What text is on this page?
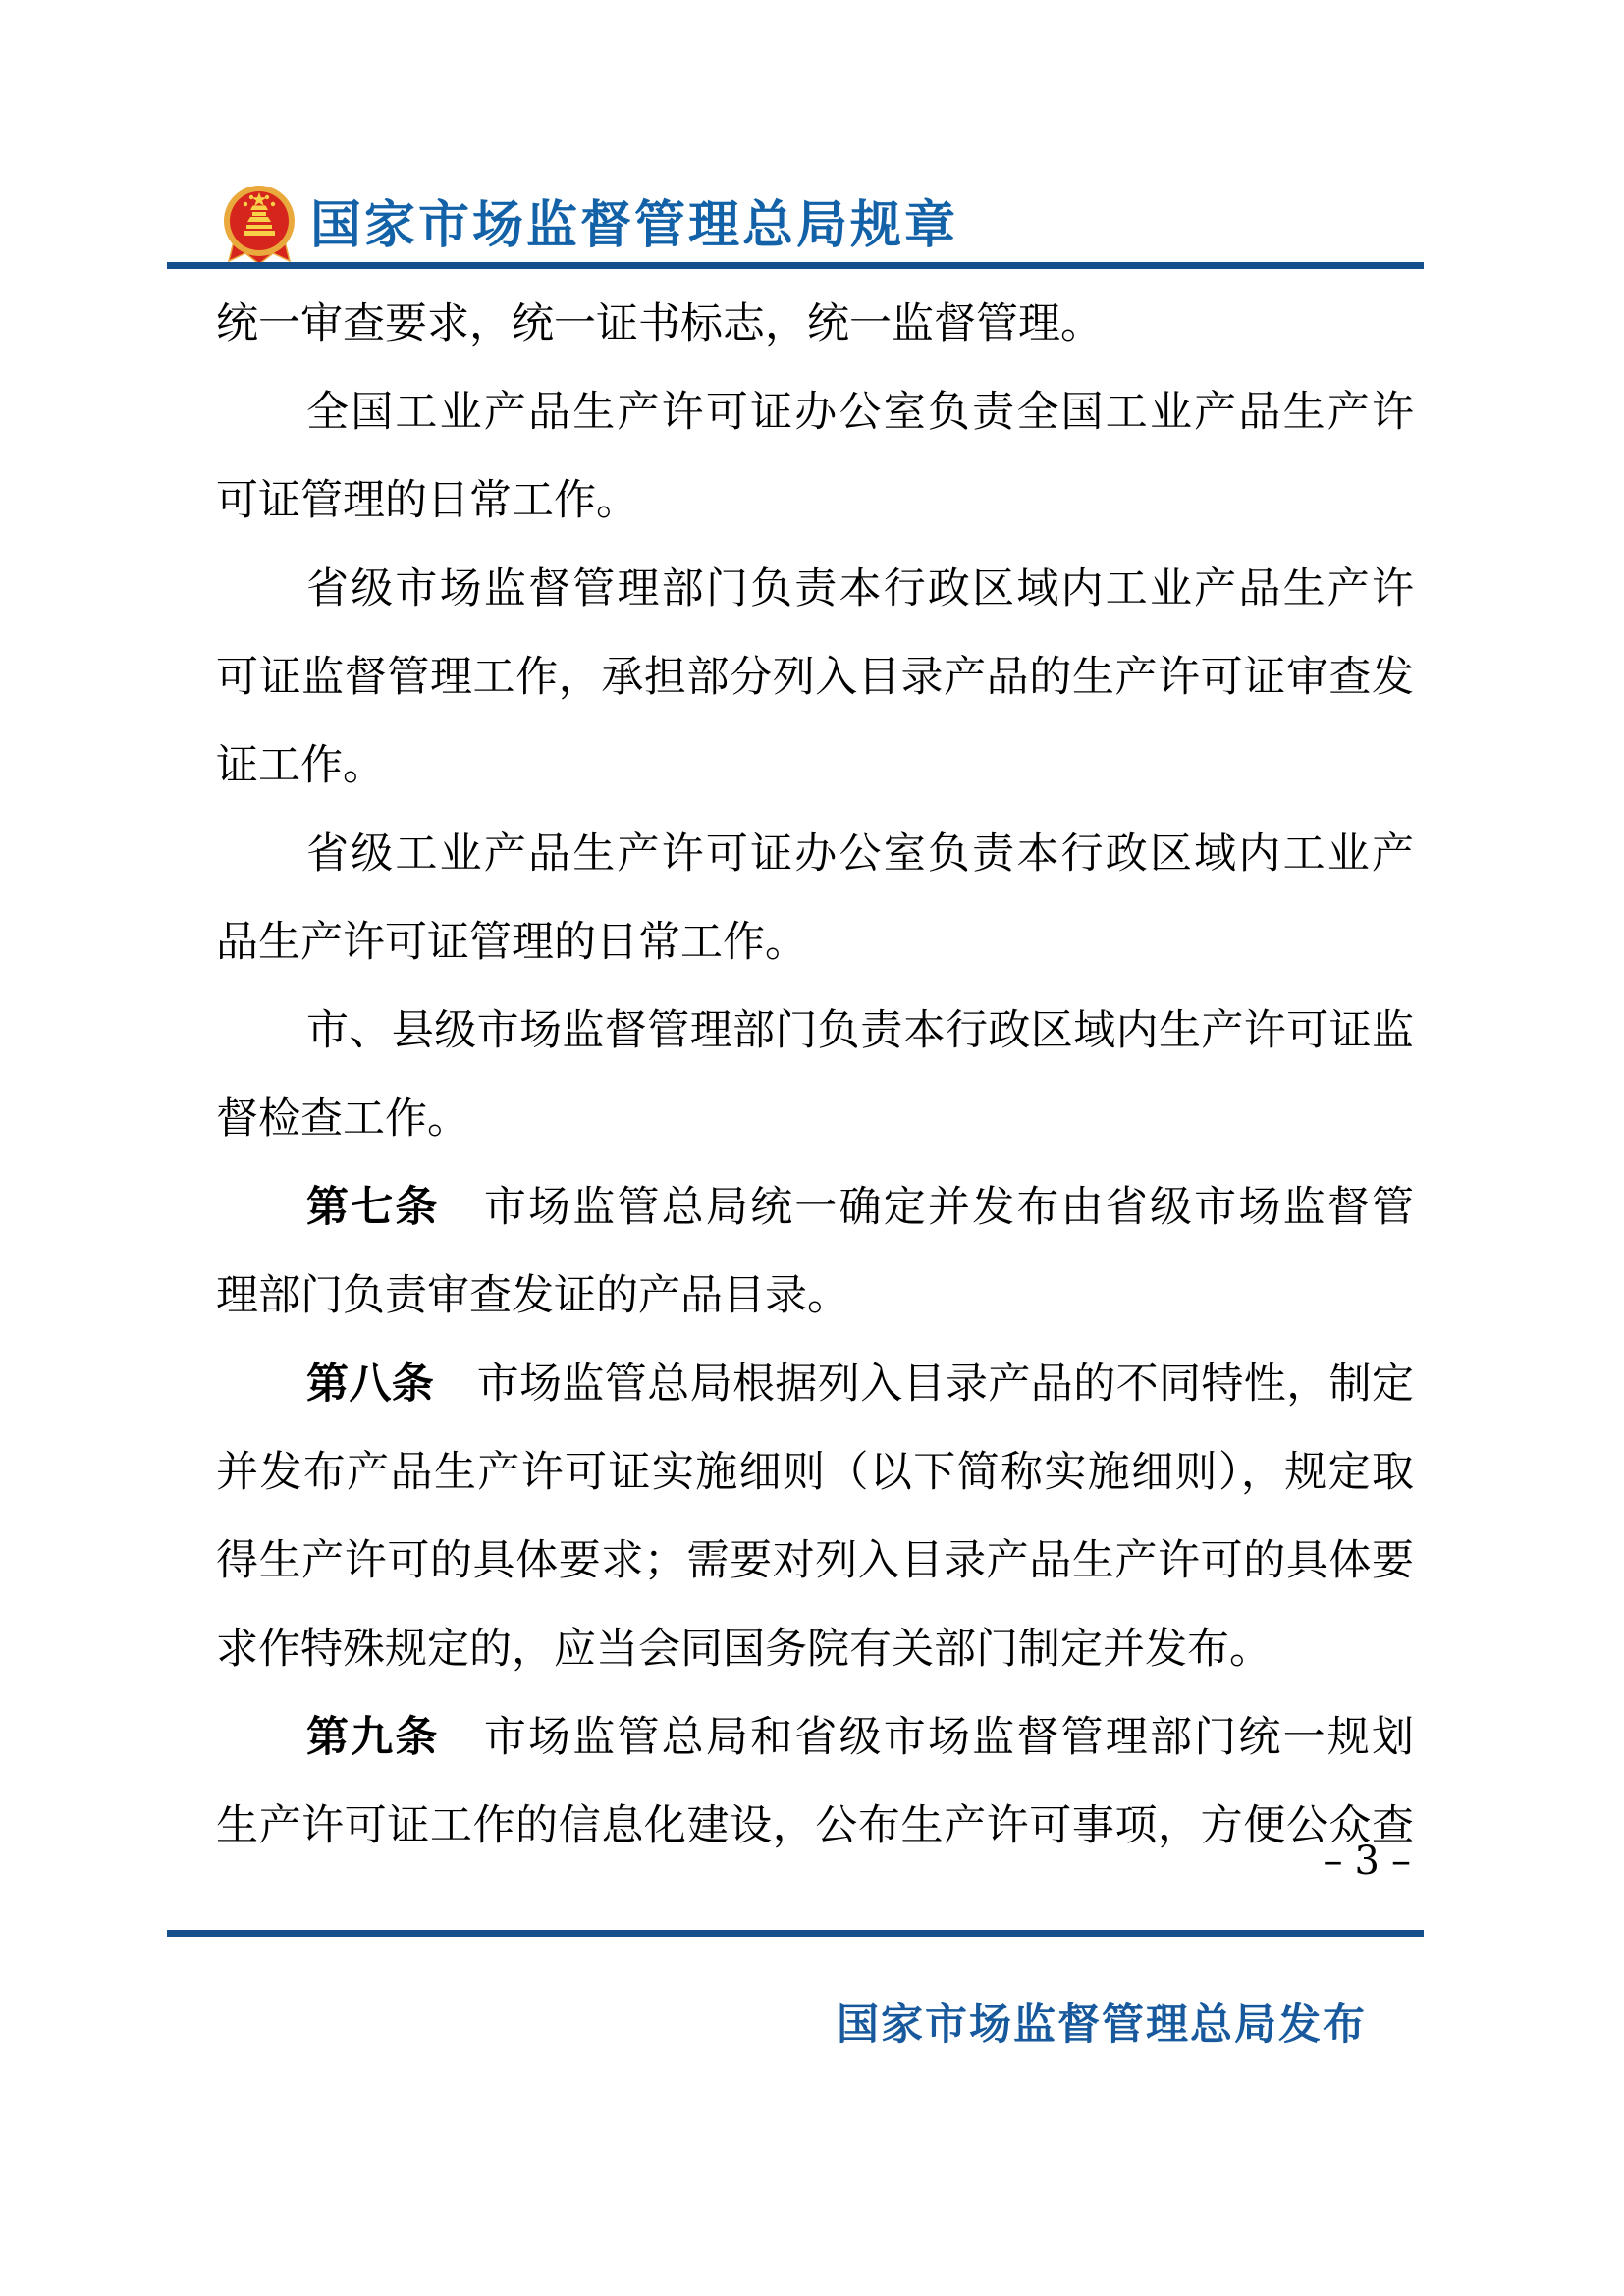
国家市场监督管理总局规章
统一审查要求，统一证书标志，统一监督管理。
全国工业产品生产许可证办公室负责全国工业产品生产许
可证管理的日常工作。
省级市场监督管理部门负责本行政区域内工业产品生产许
可证监督管理工作，承担部分列入目录产品的生产许可证审查发
证工作。
省级工业产品生产许可证办公室负责本行政区域内工业产
品生产许可证管理的日常工作。
市、县级市场监督管理部门负责本行政区域内生产许可证监
督检查工作。
第七条　市场监管总局统一确定并发布由省级市场监督管
理部门负责审查发证的产品目录。
第八条　市场监管总局根据列入目录产品的不同特性，制定
并发布产品生产许可证实施细则（以下简称实施细则），规定取
得生产许可的具体要求；需要对列入目录产品生产许可的具体要
求作特殊规定的，应当会同国务院有关部门制定并发布。
第九条　市场监管总局和省级市场监督管理部门统一规划
生产许可证工作的信息化建设，公布生产许可事项，方便公众查
–3–
国家市场监督管理总局发布
